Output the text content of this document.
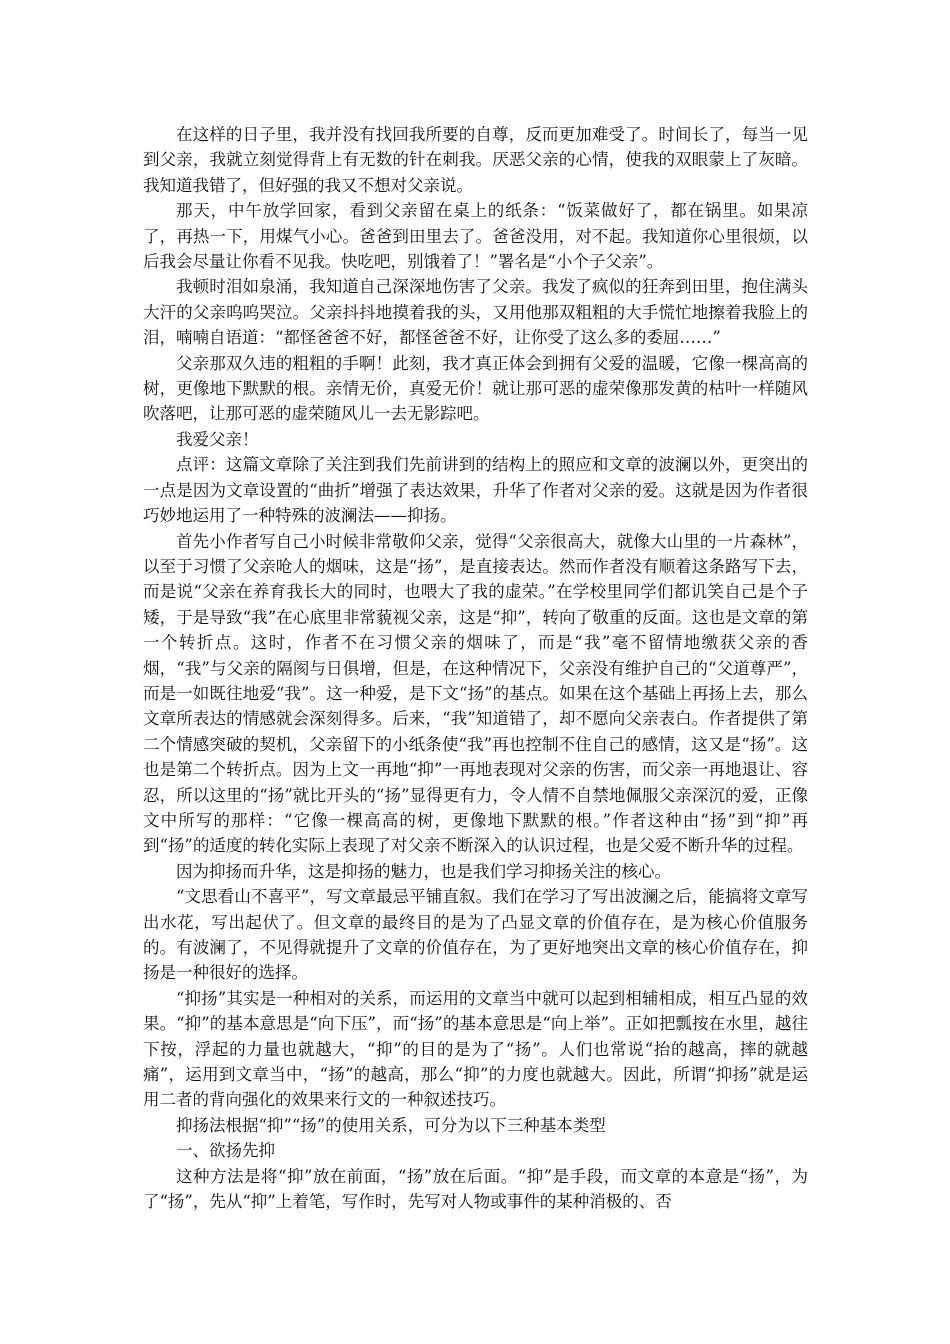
在这样的日子里，我并没有找回我所要的自尊，反而更加难受了。时间长了，每当一见到父亲，我就立刻觉得背上有无数的针在刺我。厌恶父亲的心情，使我的双眼蒙上了灰暗。我知道我错了，但好强的我又不想对父亲说。

那天，中午放学回家，看到父亲留在桌上的纸条：“饭菜做好了，都在锅里。如果凉了，再热一下，用煤气小心。爸爸到田里去了。爸爸没用，对不起。我知道你心里很烦，以后我会尽量让你看不见我。快吃吧，别饿着了！”署名是“小个子父亲”。

我顿时泪如泉涌，我知道自己深深地伤害了父亲。我发了疯似的狂奔到田里，抱住满头大汗的父亲呜呜哭泣。父亲抖抖地摸着我的头，又用他那双粗粗的大手慌忙地擦着我脸上的泪，喃喃自语道：“都怪爸爸不好，都怪爸爸不好，让你受了这么多的委屈……”

父亲那双久违的粗粗的手啊！此刻，我才真正体会到拥有父爱的温暖，它像一棵高高的树，更像地下默默的根。亲情无价，真爱无价！就让那可恶的虚荣像那发黄的枯叶一样随风吹落吧，让那可恶的虚荣随风儿一去无影踪吧。

我爱父亲！

点评：这篇文章除了关注到我们先前讲到的结构上的照应和文章的波澜以外，更突出的一点是因为文章设置的“曲折”增强了表达效果，升华了作者对父亲的爱。这就是因为作者很巧妙地运用了一种特殊的波澜法——抑扬。

首先小作者写自己小时候非常敬仰父亲，觉得“父亲很高大，就像大山里的一片森林”，以至于习惯了父亲呛人的烟味，这是“扬”，是直接表达。然而作者没有顺着这条路写下去，而是说“父亲在养育我长大的同时，也喂大了我的虚荣。”在学校里同学们都讥笑自己是个子矮，于是导致“我”在心底里非常藐视父亲，这是“抑”，转向了敬重的反面。这也是文章的第一个转折点。这时，作者不在习惯父亲的烟味了，而是“我”毫不留情地缴获父亲的香烟，“我”与父亲的隔阂与日俱增，但是，在这种情况下，父亲没有维护自己的“父道尊严”，而是一如既往地爱“我”。这一种爱，是下文“扬”的基点。如果在这个基础上再扬上去，那么文章所表达的情感就会深刻得多。后来，“我”知道错了，却不愿向父亲表白。作者提供了第二个情感突破的契机，父亲留下的小纸条使“我”再也控制不住自己的感情，这又是“扬”。这也是第二个转折点。因为上文一再地“抑”一再地表现对父亲的伤害，而父亲一再地退让、容忍，所以这里的“扬”就比开头的“扬”显得更有力，令人情不自禁地佩服父亲深沉的爱，正像文中所写的那样：“它像一棵高高的树，更像地下默默的根。”作者这种由“扬”到“抑”再到“扬”的适度的转化实际上表现了对父亲不断深入的认识过程，也是父爱不断升华的过程。

因为抑扬而升华，这是抑扬的魅力，也是我们学习抑扬关注的核心。

“文思看山不喜平”，写文章最忌平铺直叙。我们在学习了写出波澜之后，能搞将文章写出水花，写出起伏了。但文章的最终目的是为了凸显文章的价值存在，是为核心价值服务的。有波澜了，不见得就提升了文章的价值存在，为了更好地突出文章的核心价值存在，抑扬是一种很好的选择。

“抑扬”其实是一种相对的关系，而运用的文章当中就可以起到相辅相成，相互凸显的效果。“抑”的基本意思是“向下压”，而“扬”的基本意思是“向上举”。正如把瓢按在水里，越往下按，浮起的力量也就越大，“抑”的目的是为了“扬”。人们也常说“抬的越高，摔的就越痛”，运用到文章当中，“扬”的越高，那么“抑”的力度也就越大。因此，所谓“抑扬”就是运用二者的背向强化的效果来行文的一种叙述技巧。

抑扬法根据“抑”“扬”的使用关系，可分为以下三种基本类型

一、欲扬先抑

这种方法是将“抑”放在前面，“扬”放在后面。“抑”是手段，而文章的本意是“扬”，为了“扬”，先从“抑”上着笔，写作时，先写对人物或事件的某种消极的、否
